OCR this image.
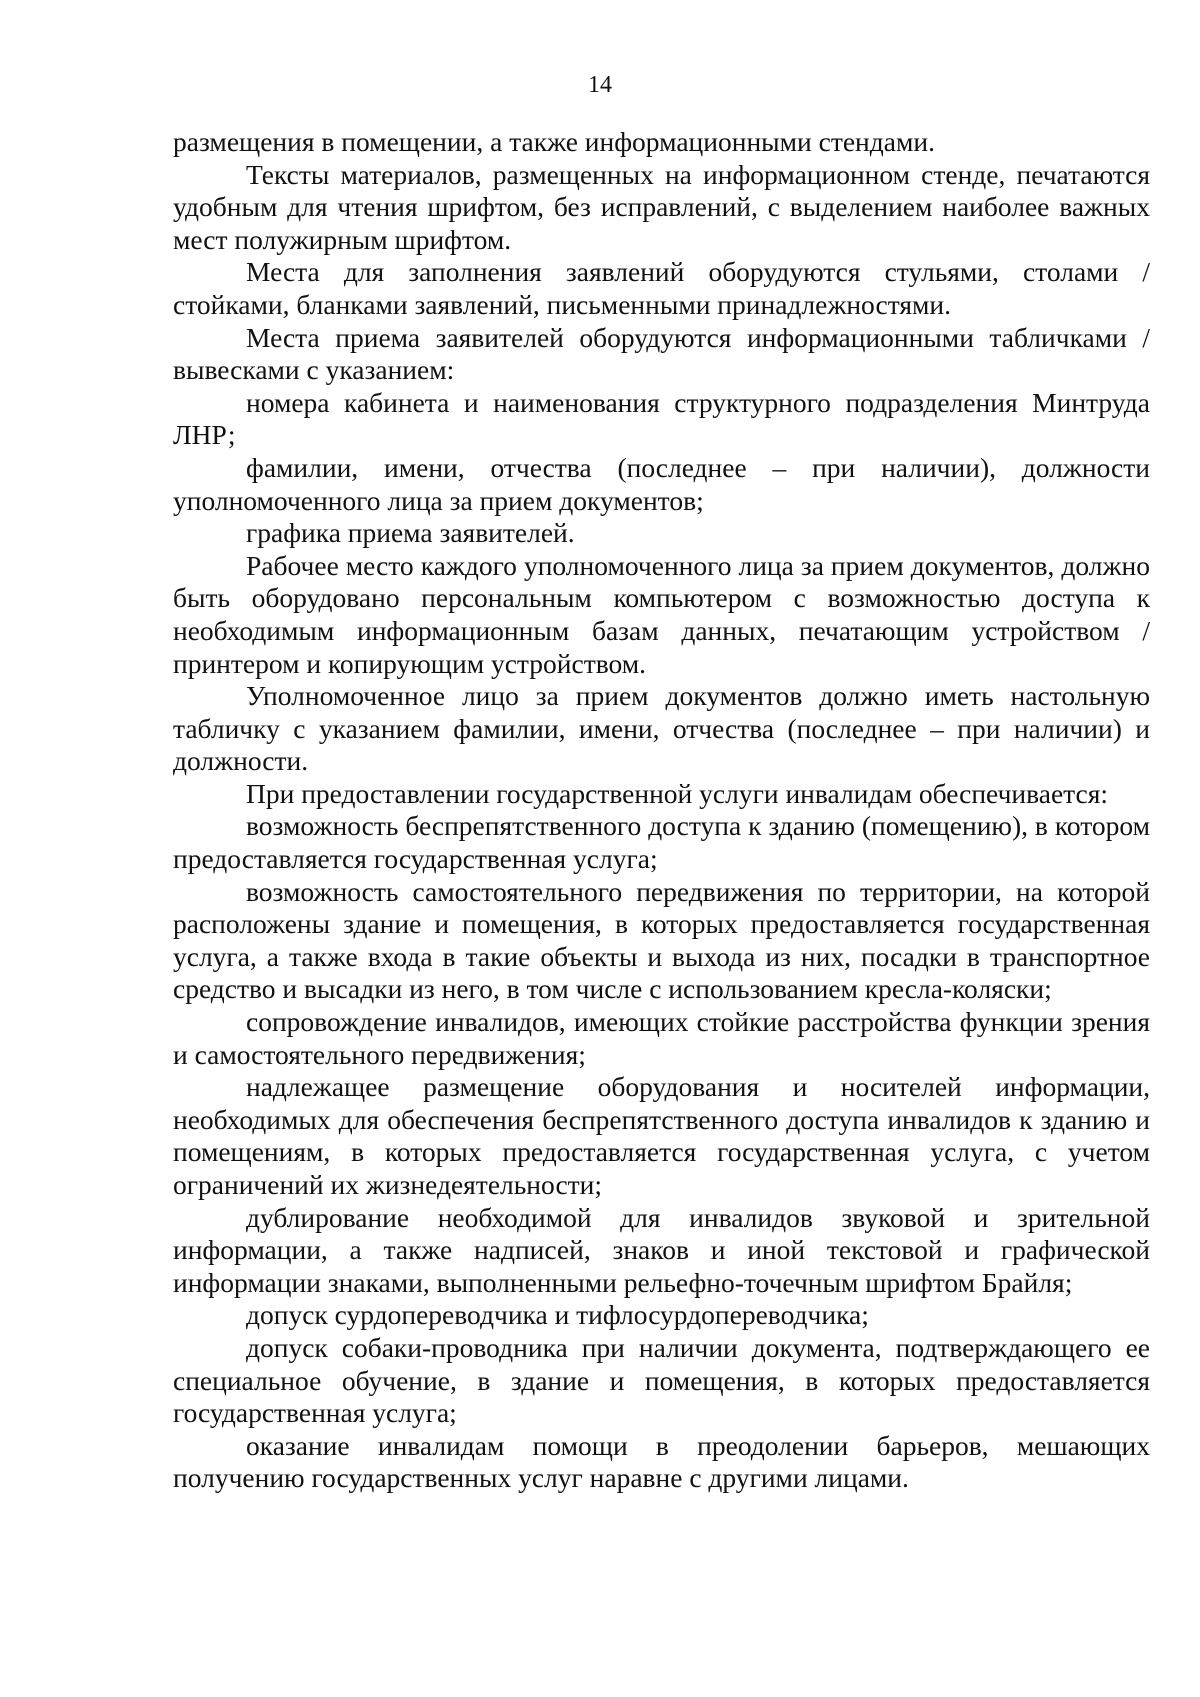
14

размещения в помещении, а также информационными стендами.

Тексты материалов, размещенных на информационном стенде, печатаются удобным для чтения шрифтом, без исправлений, с выделением наиболее важных мест полужирным шрифтом.

Места для заполнения заявлений оборудуются стульями, столами / стойками, бланками заявлений, письменными принадлежностями.

Места приема заявителей оборудуются информационными табличками / вывесками с указанием:

номера кабинета и наименования структурного подразделения Минтруда ЛНР;

фамилии, имени, отчества (последнее – при наличии), должности уполномоченного лица за прием документов;

графика приема заявителей.

Рабочее место каждого уполномоченного лица за прием документов, должно быть оборудовано персональным компьютером с возможностью доступа к необходимым информационным базам данных, печатающим устройством / принтером и копирующим устройством.

Уполномоченное лицо за прием документов должно иметь настольную табличку с указанием фамилии, имени, отчества (последнее – при наличии) и должности.

При предоставлении государственной услуги инвалидам обеспечивается:

возможность беспрепятственного доступа к зданию (помещению), в котором предоставляется государственная услуга;

возможность самостоятельного передвижения по территории, на которой расположены здание и помещения, в которых предоставляется государственная услуга, а также входа в такие объекты и выхода из них, посадки в транспортное средство и высадки из него, в том числе с использованием кресла-коляски;

сопровождение инвалидов, имеющих стойкие расстройства функции зрения и самостоятельного передвижения;

надлежащее размещение оборудования и носителей информации, необходимых для обеспечения беспрепятственного доступа инвалидов к зданию и помещениям, в которых предоставляется государственная услуга, с учетом ограничений их жизнедеятельности;

дублирование необходимой для инвалидов звуковой и зрительной информации, а также надписей, знаков и иной текстовой и графической информации знаками, выполненными рельефно-точечным шрифтом Брайля;

допуск сурдопереводчика и тифлосурдопереводчика;

допуск собаки-проводника при наличии документа, подтверждающего ее специальное обучение, в здание и помещения, в которых предоставляется государственная услуга;

оказание инвалидам помощи в преодолении барьеров, мешающих получению государственных услуг наравне с другими лицами.
